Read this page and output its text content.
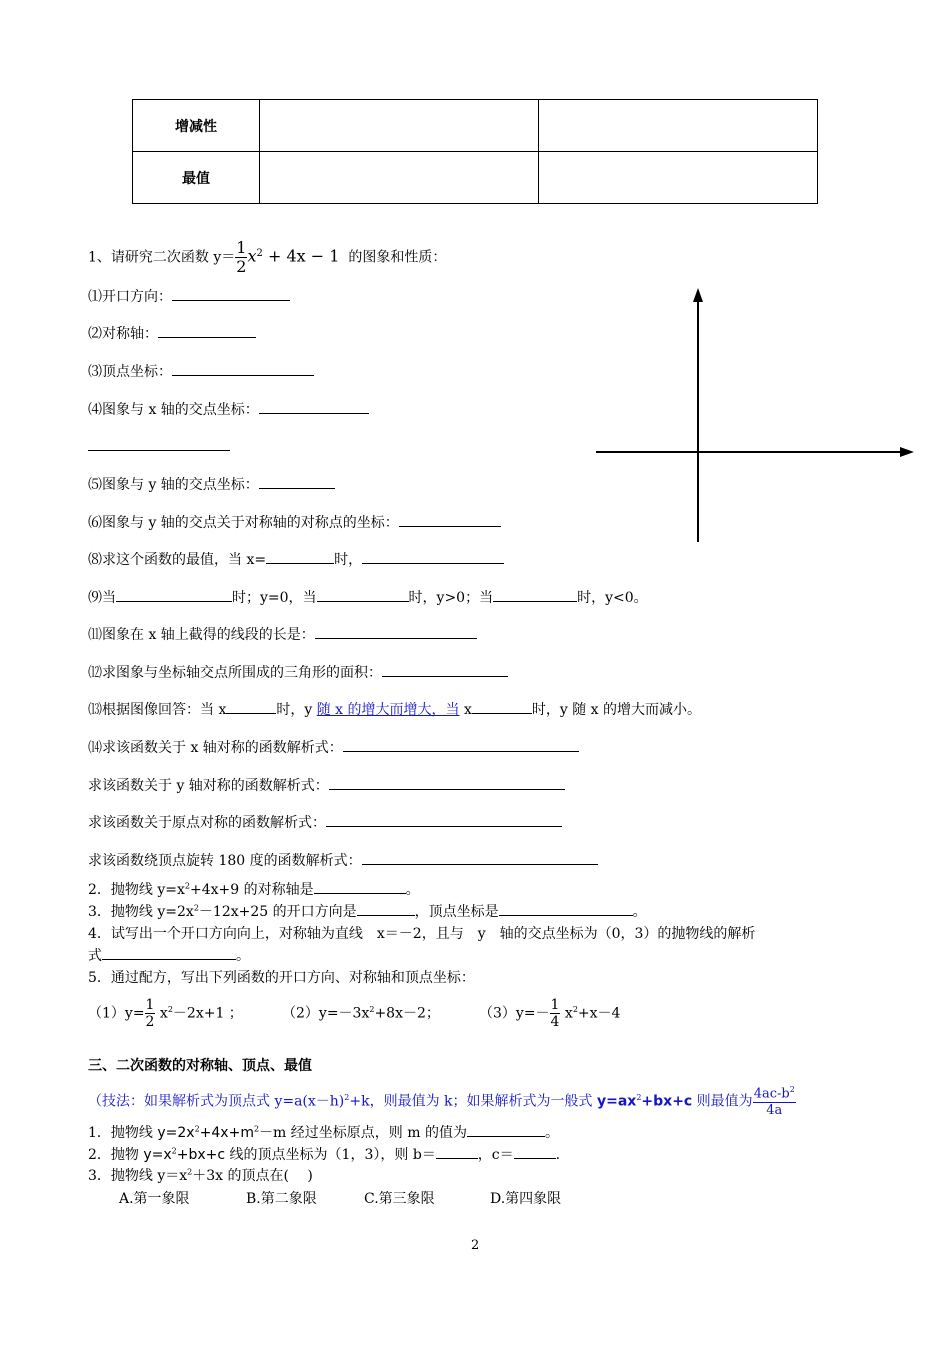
增减性		
最值		
1、请研究二次函数 $y= \frac{1}{2} x^2 + 4x - 1$ 的图象和性质：
⑴开口方向：
⑵对称轴：
⑶顶点坐标：
⑷图象与 x 轴的交点坐标：
⑸图象与 y 轴的交点坐标：
⑹图象与 y 轴的交点关于对称轴的对称点的坐标：
⑻求这个函数的最值，当 x=	时，
⑼当	时；y=0，当	时，y>0；当	时，y<0。
⑾图象在 x 轴上截得的线段的长是：
⑿求图象与坐标轴交点所围成的三角形的面积：
⒀根据图像回答：当 x	时，y 随 x 的增大而增大，当 x	时，y 随 x 的增大而减小。
⒁求该函数关于 x 轴对称的函数解析式：
求该函数关于 y 轴对称的函数解析式：
求该函数关于原点对称的函数解析式：
求该函数绕顶点旋转 180 度的函数解析式：
2．抛物线 $y=x^2+4x+9$ 的对称轴是	。
3．抛物线 $y=2x^2-12x+25$ 的开口方向是	，顶点坐标是	。
4．试写出一个开口方向向上，对称轴为直线　x＝－2，且与　y　轴的交点坐标为（0，3）的抛物线的解析
式	。
5．通过配方，写出下列函数的开口方向、对称轴和顶点坐标：
$(1)y= \frac{1}{2} x^2-2x+1$ ；	$(2)y=-3x^2+8x-2$；	$(3)y=- \frac{1}{4} x^2+x-4$
三、二次函数的对称轴、顶点、最值
（技法：如果解析式为顶点式 $y=a(x-h)^2+k$，则最值为 k；如果解析式为一般式 $y=ax^2+bx+c$ 则最值为 $\frac{4ac-b^2}{4a}$
1．抛物线 $y=2x^2+4x+m^2-m$ 经过坐标原点，则 m 的值为	。
2．抛物 $y=x^2+bx+c$ 线的顶点坐标为（1，3），则 b＝	，c＝	.
3．抛物线 $y=x^2+3x$ 的顶点在(　 )
A.第一象限	B.第二象限	C.第三象限	D.第四象限
2
